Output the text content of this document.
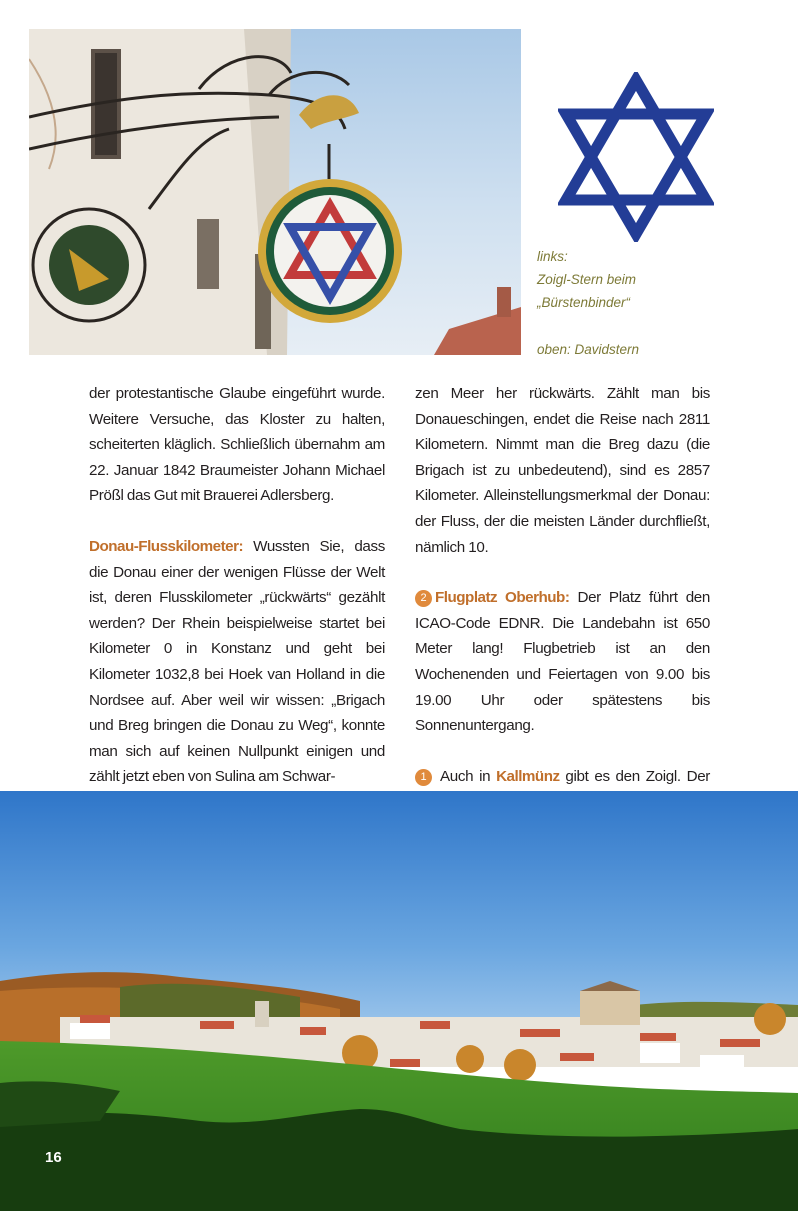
links:
Zoigl-Stern beim
„Bürstenbinder“
oben: Davidstern

der protestantische Glaube eingeführt wurde. Weitere Versuche, das Kloster zu halten, scheiterten kläglich. Schließlich übernahm am 22. Januar 1842 Braumeister Johann Michael Prößl das Gut mit Brauerei Adlersberg.

Donau-Flusskilometer: Wussten Sie, dass die Donau einer der wenigen Flüsse der Welt ist, deren Flusskilometer „rückwärts“ gezählt werden? Der Rhein beispielweise startet bei Kilometer 0 in Konstanz und geht bei Kilometer 1032,8 bei Hoek van Holland in die Nordsee auf. Aber weil wir wissen: „Brigach und Breg bringen die Donau zu Weg“, konnte man sich auf keinen Nullpunkt einigen und zählt jetzt eben von Sulina am Schwar-

zen Meer her rückwärts. Zählt man bis Donaueschingen, endet die Reise nach 2811 Kilometern. Nimmt man die Breg dazu (die Brigach ist zu unbedeutend), sind es 2857 Kilometer. Alleinstellungsmerkmal der Donau: der Fluss, der die meisten Länder durchfließt, nämlich 10.

2 Flugplatz Oberhub: Der Platz führt den ICAO-Code EDNR. Die Landebahn ist 650 Meter lang! Flugbetrieb ist an den Wochenenden und Feiertagen von 9.00 bis 19.00 Uhr oder spätestens bis Sonnenuntergang.

1 Auch in Kallmünz gibt es den Zoigl. Der

16
